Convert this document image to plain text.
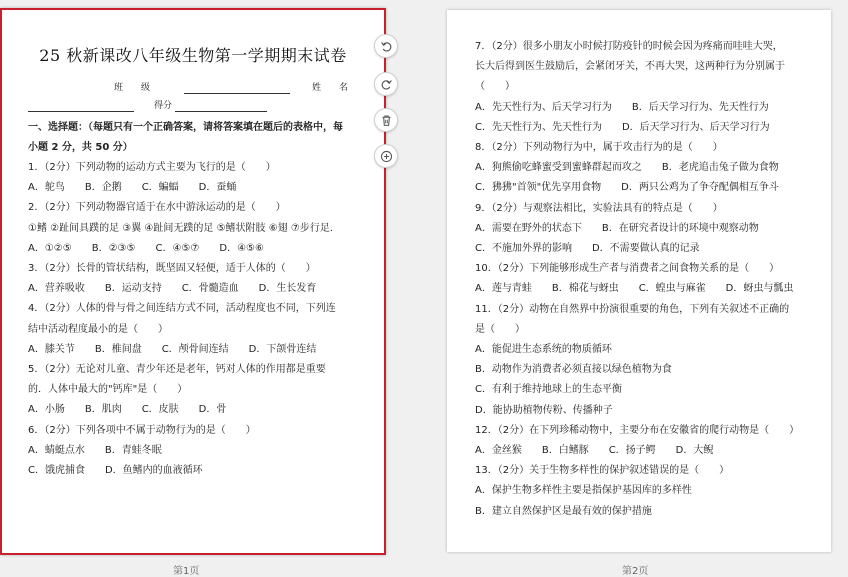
25 秋新课改八年级生物第一学期期末试卷
班　　级	姓　　名
得分
一、选择题：（每题只有一个正确答案，请将答案填在题后的表格中，每
小题 2 分，共 50 分）
1．（2分）下列动物的运动方式主要为飞行的是（　　）
A．鸵鸟　　B．企鹅　　C．蝙蝠　　D．蚕蛹
2．（2分）下列动物器官适于在水中游泳运动的是（　　）
①鳍 ②趾间具蹼的足 ③翼 ④趾间无蹼的足 ⑤鳍状附肢 ⑥翅 ⑦步行足．
A．①②⑤　　B．②③⑤　　C．④⑤⑦　　D．④⑤⑥
3．（2分）长骨的管状结构，既坚固又轻便，适于人体的（　　）
A．营养吸收　　B．运动支持　　C．骨髓造血　　D．生长发育
4．（2分）人体的骨与骨之间连结方式不同，活动程度也不同，下列连
结中活动程度最小的是（　　）
A．膝关节　　B．椎间盘　　C．颅骨间连结　　D．下颌骨连结
5．（2分）无论对儿童、青少年还是老年，钙对人体的作用都是重要
的．人体中最大的"钙库"是（　　）
A．小肠　　B．肌肉　　C．皮肤　　D．骨
6．（2分）下列各项中不属于动物行为的是（　　）
A．蜻蜓点水　　B．青蛙冬眠
C．饿虎捕食　　D．鱼鳍内的血液循环
7．（2分）很多小朋友小时候打防疫针的时候会因为疼痛而哇哇大哭，
长大后得到医生鼓励后，会紧闭牙关，不再大哭，这两种行为分别属于
（　　）
A．先天性行为、后天学习行为　　B．后天学习行为、先天性行为
C．先天性行为、先天性行为　　D．后天学习行为、后天学习行为
8．（2分）下列动物行为中，属于攻击行为的是（　　）
A．狗熊偷吃蜂蜜受到蜜蜂群起而攻之　　B．老虎追击兔子做为食物
C．狒狒"首领"优先享用食物　　D．两只公鸡为了争夺配偶相互争斗
9．（2分）与观察法相比，实验法具有的特点是（　　）
A．需要在野外的状态下　　B．在研究者设计的环境中观察动物
C．不施加外界的影响　　D．不需要做认真的记录
10．（2分）下列能够形成生产者与消费者之间食物关系的是（　　）
A．莲与青蛙　　B．棉花与蚜虫　　C．蝗虫与麻雀　　D．蚜虫与瓢虫
11．（2分）动物在自然界中扮演很重要的角色，下列有关叙述不正确的
是（　　）
A．能促进生态系统的物质循环
B．动物作为消费者必须直接以绿色植物为食
C．有利于维持地球上的生态平衡
D．能协助植物传粉、传播种子
12．（2分）在下列珍稀动物中，主要分布在安徽省的爬行动物是（　　）
A．金丝猴　　B．白鳍豚　　C．扬子鳄　　D．大鲵
13．（2分）关于生物多样性的保护叙述错误的是（　　）
A．保护生物多样性主要是指保护基因库的多样性
B．建立自然保护区是最有效的保护措施
第1页	第2页
